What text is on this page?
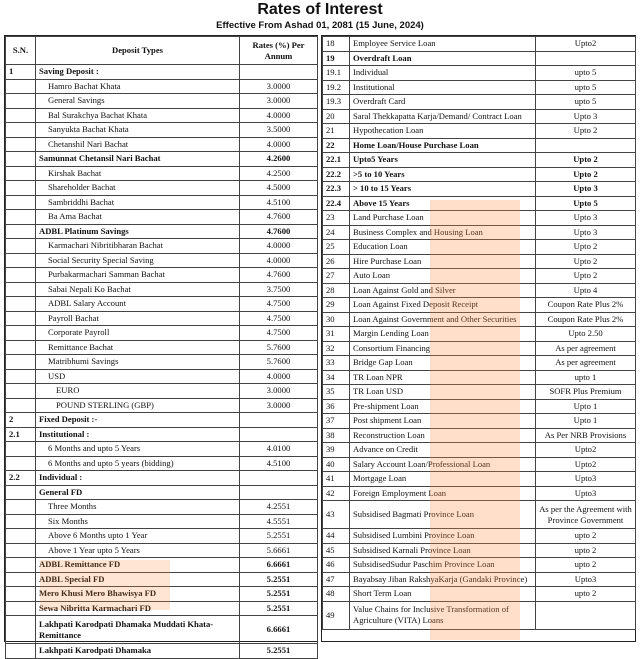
Rates of Interest
Effective From Ashad 01, 2081 (15 June, 2024)
S.N.	Deposit Types	Rates (%) Per Annum
1	Saving Deposit :	
	Hamro Bachat Khata	3.0000
	General Savings	3.0000
	Bal Surakchya Bachat Khata	4.0000
	Sanyukta Bachat Khata	3.5000
	Chetanshil Nari Bachat	4.0000
	Samunnat Chetansil Nari Bachat	4.2600
	Kirshak Bachat	4.2500
	Shareholder Bachat	4.5000
	Sambriddhi Bachat	4.5100
	Ba Ama Bachat	4.7600
	ADBL Platinum Savings	4.7600
	Karmachari Nibritibharan Bachat	4.0000
	Social Security Special Saving	4.0000
	Purbakarmachari Samman Bachat	4.7600
	Sabai Nepali Ko Bachat	3.7500
	ADBL Salary Account	4.7500
	Payroll Bachat	4.7500
	Corporate Payroll	4.7500
	Remittance Bachat	5.7600
	Matribhumi Savings	5.7600
	USD	4.0000
	EURO	3.0000
	POUND STERLING (GBP)	3.0000
2	Fixed Deposit :-	
2.1	Institutional :	
	6 Months and upto 5 Years	4.0100
	6 Months and upto 5 years (bidding)	4.5100
2.2	Individual :	
	General FD	
	Three Months	4.2551
	Six Months	4.5551
	Above 6 Months upto 1 Year	5.2551
	Above 1 Year upto 5 Years	5.6661
	ADBL Remittance FD	6.6661
	ADBL Special FD	5.2551
	Mero Khusi Mero Bhawisya FD	5.2551
	Sewa Nibritta Karmachari FD	5.2551
	Lakhpati Karodpati Dhamaka Muddati Khata- Remittance	6.6661
	Lakhpati Karodpati Dhamaka	5.2551
18	Employee Service Loan	Upto2
19	Overdraft Loan	
19.1	Individual	upto 5
19.2	Institutional	upto 5
19.3	Overdraft Card	upto 5
20	Saral Thekkapatta Karja/Demand/ Contract Loan	Upto 3
21	Hypothecation Loan	Upto 2
22	Home Loan/House Purchase Loan	
22.1	Upto5 Years	Upto 2
22.2	>5 to 10 Years	Upto 2
22.3	> 10 to 15 Years	Upto 3
22.4	Above 15 Years	Upto 5
23	Land Purchase Loan	Upto 3
24	Business Complex and Housing Loan	Upto 3
25	Education Loan	Upto 2
26	Hire Purchase Loan	Upto 2
27	Auto Loan	Upto 2
28	Loan Against Gold and Silver	Upto 4
29	Loan Against Fixed Deposit Receipt	Coupon Rate Plus 2%
30	Loan Against Government and Other Securities	Coupon Rate Plus 2%
31	Margin Lending Loan	Upto 2.50
32	Consortium Financing	As per agreement
33	Bridge Gap Loan	As per agreement
34	TR Loan NPR	upto 1
35	TR Loan USD	SOFR Plus Premium
36	Pre-shipment Loan	Upto 1
37	Post shipment Loan	Upto 1
38	Reconstruction Loan	As Per NRB Provisions
39	Advance on Credit	Upto2
40	Salary Account Loan/Professional Loan	Upto2
41	Mortgage Loan	Upto3
42	Foreign Employment Loan	Upto3
43	Subsidised Bagmati Province Loan	As per the Agreement with Province Government
44	Subsidised Lumbini Province Loan	upto 2
45	Subsidised Karnali Province Loan	upto 2
46	SubsidisedSudur Paschim Province Loan	upto 2
47	Bayabsay Jiban RakshyaKarja (Gandaki Province)	Upto3
48	Short Term Loan	upto 2
49	Value Chains for Inclusive Transformation of Agriculture (VITA) Loans	
